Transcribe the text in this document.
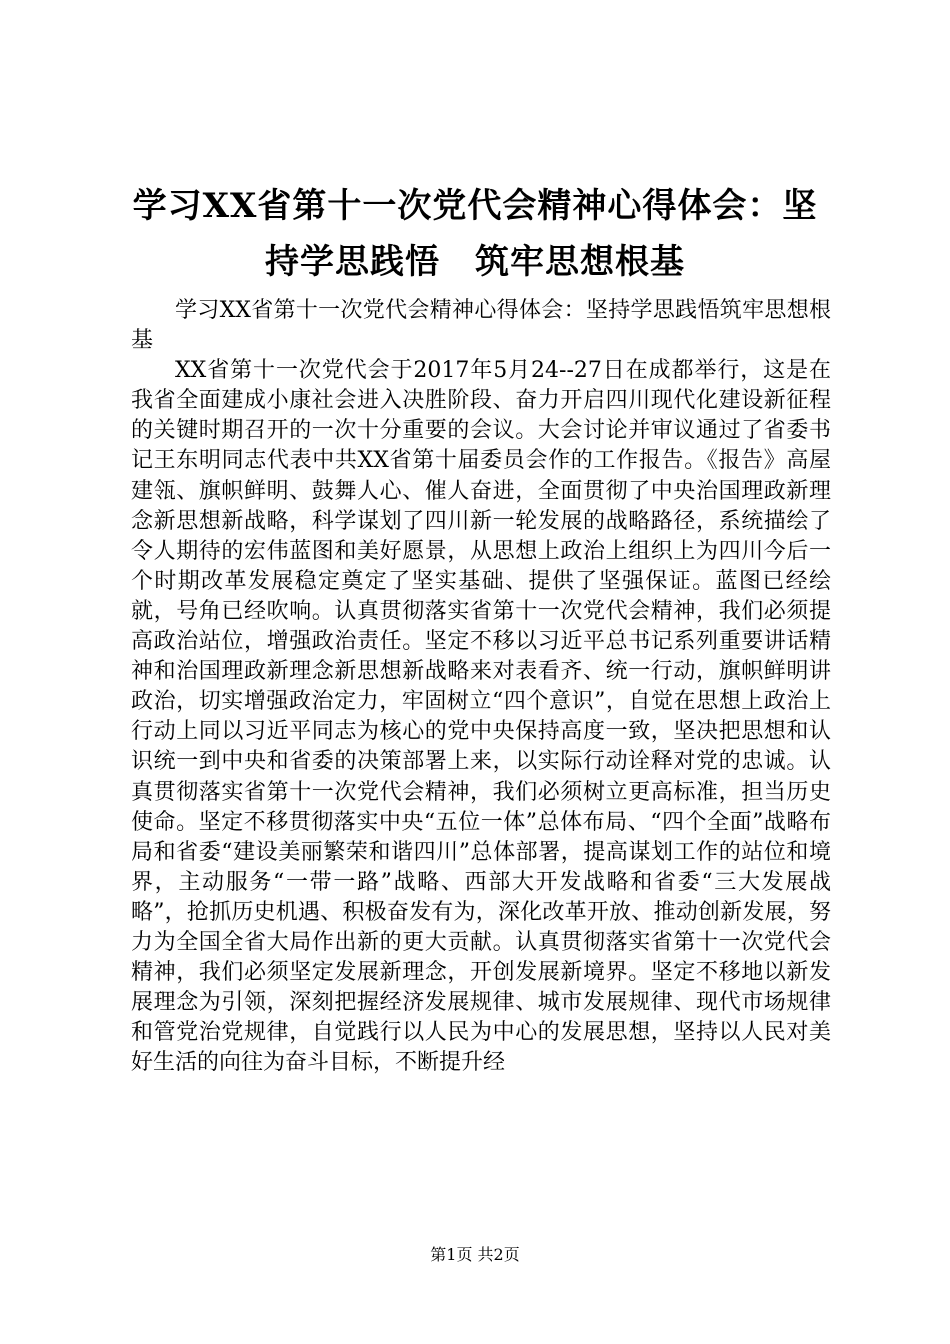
学习XX省第十一次党代会精神心得体会：坚
持学思践悟　筑牢思想根基

学习XX省第十一次党代会精神心得体会：坚持学思践悟筑牢思想根基

XX省第十一次党代会于2017年5月24--27日在成都举行，这是在我省全面建成小康社会进入决胜阶段、奋力开启四川现代化建设新征程的关键时期召开的一次十分重要的会议。大会讨论并审议通过了省委书记王东明同志代表中共XX省第十届委员会作的工作报告。《报告》高屋建瓴、旗帜鲜明、鼓舞人心、催人奋进，全面贯彻了中央治国理政新理念新思想新战略，科学谋划了四川新一轮发展的战略路径，系统描绘了令人期待的宏伟蓝图和美好愿景，从思想上政治上组织上为四川今后一个时期改革发展稳定奠定了坚实基础、提供了坚强保证。蓝图已经绘就，号角已经吹响。认真贯彻落实省第十一次党代会精神，我们必须提高政治站位，增强政治责任。坚定不移以习近平总书记系列重要讲话精神和治国理政新理念新思想新战略来对表看齐、统一行动，旗帜鲜明讲政治，切实增强政治定力，牢固树立“四个意识”，自觉在思想上政治上行动上同以习近平同志为核心的党中央保持高度一致，坚决把思想和认识统一到中央和省委的决策部署上来，以实际行动诠释对党的忠诚。认真贯彻落实省第十一次党代会精神，我们必须树立更高标准，担当历史使命。坚定不移贯彻落实中央“五位一体”总体布局、“四个全面”战略布局和省委“建设美丽繁荣和谐四川”总体部署，提高谋划工作的站位和境界，主动服务“一带一路”战略、西部大开发战略和省委“三大发展战略”，抢抓历史机遇、积极奋发有为，深化改革开放、推动创新发展，努力为全国全省大局作出新的更大贡献。认真贯彻落实省第十一次党代会精神，我们必须坚定发展新理念，开创发展新境界。坚定不移地以新发展理念为引领，深刻把握经济发展规律、城市发展规律、现代市场规律和管党治党规律，自觉践行以人民为中心的发展思想，坚持以人民对美好生活的向往为奋斗目标，不断提升经

第1页 共2页
